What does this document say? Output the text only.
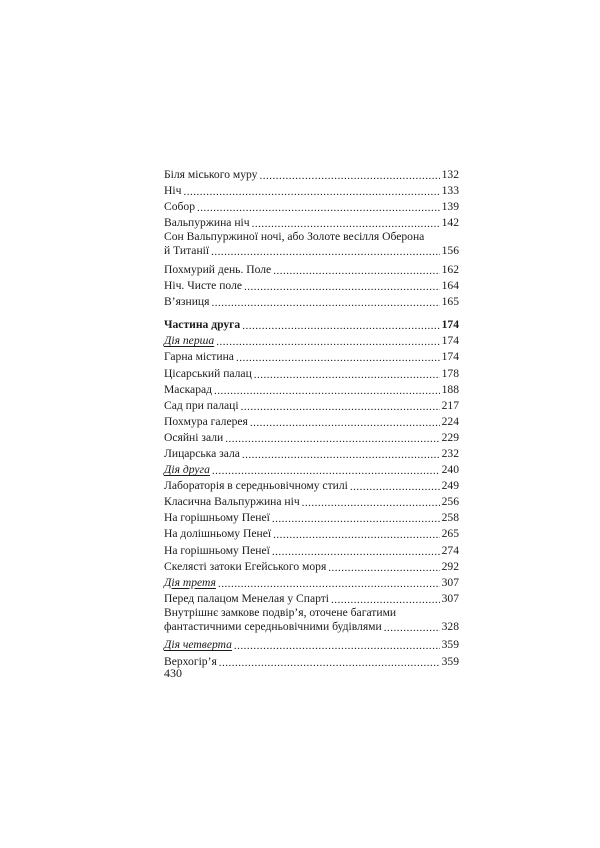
Біля міського муру .....	132
Ніч .....	133
Собор .....	139
Вальпуржина ніч .....	142
Сон Вальпуржиної ночі, або Золоте весілля Оберона
й Титанії .....	156
Похмурий день. Поле .....	162
Ніч. Чисте поле .....	164
В’язниця .....	165
Частина друга .....	174
Дія перша .....	174
Гарна містина .....	174
Цісарський палац .....	178
Маскарад .....	188
Сад при палаці .....	217
Похмура галерея .....	224
Осяйні зали .....	229
Лицарська зала .....	232
Дія друга .....	240
Лабораторія в середньовічному стилі .....	249
Класична Вальпуржина ніч .....	256
На горішньому Пенеї .....	258
На долішньому Пенеї .....	265
На горішньому Пенеї .....	274
Скелясті затоки Егейського моря .....	292
Дія третя .....	307
Перед палацом Менелая у Спарті .....	307
Внутрішнє замкове подвір’я, оточене багатими
фантастичними середньовічними будівлями .....	328
Дія четверта .....	359
Верхогір’я .....	359
430
